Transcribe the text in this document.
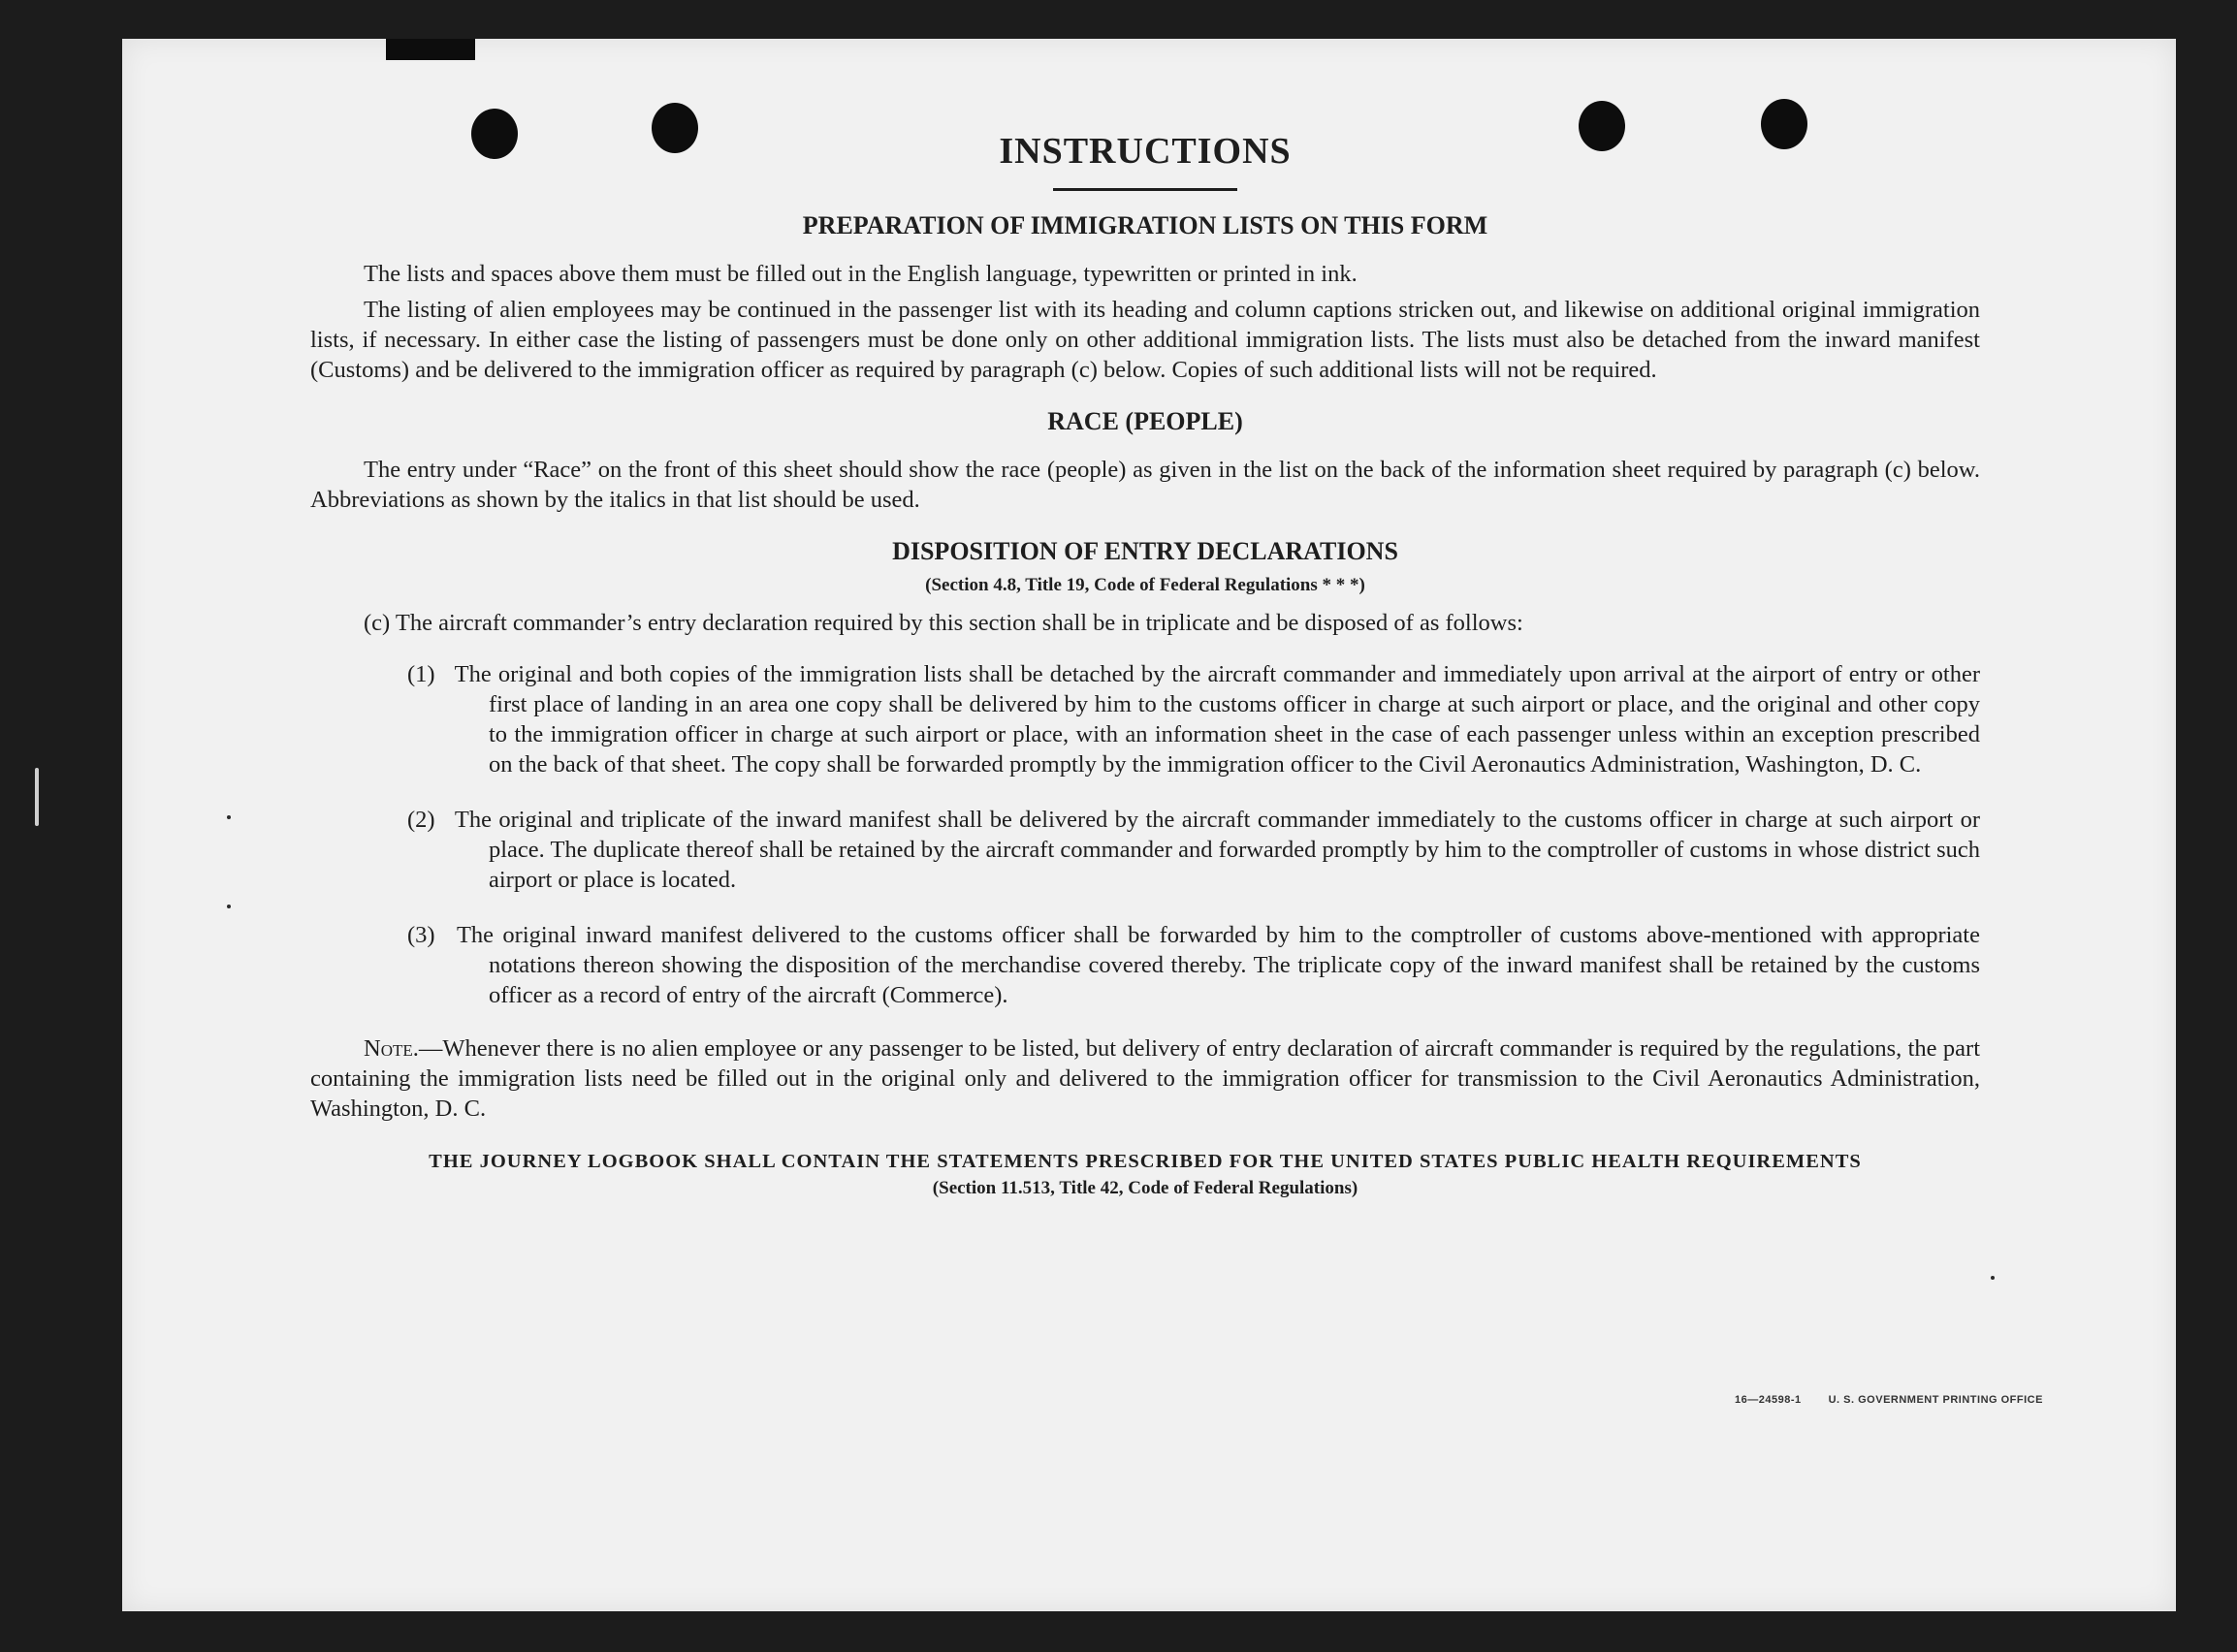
INSTRUCTIONS
PREPARATION OF IMMIGRATION LISTS ON THIS FORM

The lists and spaces above them must be filled out in the English language, typewritten or printed in ink.

The listing of alien employees may be continued in the passenger list with its heading and column captions stricken out, and likewise on additional original immigration lists, if necessary. In either case the listing of passengers must be done only on other additional immigration lists. The lists must also be detached from the inward manifest (Customs) and be delivered to the immigration officer as required by paragraph (c) below. Copies of such additional lists will not be required.

RACE (PEOPLE)

The entry under “Race” on the front of this sheet should show the race (people) as given in the list on the back of the information sheet required by paragraph (c) below. Abbreviations as shown by the italics in that list should be used.

DISPOSITION OF ENTRY DECLARATIONS
(Section 4.8, Title 19, Code of Federal Regulations * * *)

(c) The aircraft commander’s entry declaration required by this section shall be in triplicate and be disposed of as follows:

(1) The original and both copies of the immigration lists shall be detached by the aircraft commander and immediately upon arrival at the airport of entry or other first place of landing in an area one copy shall be delivered by him to the customs officer in charge at such airport or place, and the original and other copy to the immigration officer in charge at such airport or place, with an information sheet in the case of each passenger unless within an exception prescribed on the back of that sheet. The copy shall be forwarded promptly by the immigration officer to the Civil Aeronautics Administration, Washington, D. C.

(2) The original and triplicate of the inward manifest shall be delivered by the aircraft commander immediately to the customs officer in charge at such airport or place. The duplicate thereof shall be retained by the aircraft commander and forwarded promptly by him to the comptroller of customs in whose district such airport or place is located.

(3) The original inward manifest delivered to the customs officer shall be forwarded by him to the comptroller of customs above-mentioned with appropriate notations thereon showing the disposition of the merchandise covered thereby. The triplicate copy of the inward manifest shall be retained by the customs officer as a record of entry of the aircraft (Commerce).

Note.—Whenever there is no alien employee or any passenger to be listed, but delivery of entry declaration of aircraft commander is required by the regulations, the part containing the immigration lists need be filled out in the original only and delivered to the immigration officer for transmission to the Civil Aeronautics Administration, Washington, D. C.

THE JOURNEY LOGBOOK SHALL CONTAIN THE STATEMENTS PRESCRIBED FOR THE UNITED STATES PUBLIC HEALTH REQUIREMENTS
(Section 11.513, Title 42, Code of Federal Regulations)
16—24598-1	U. S. GOVERNMENT PRINTING OFFICE
